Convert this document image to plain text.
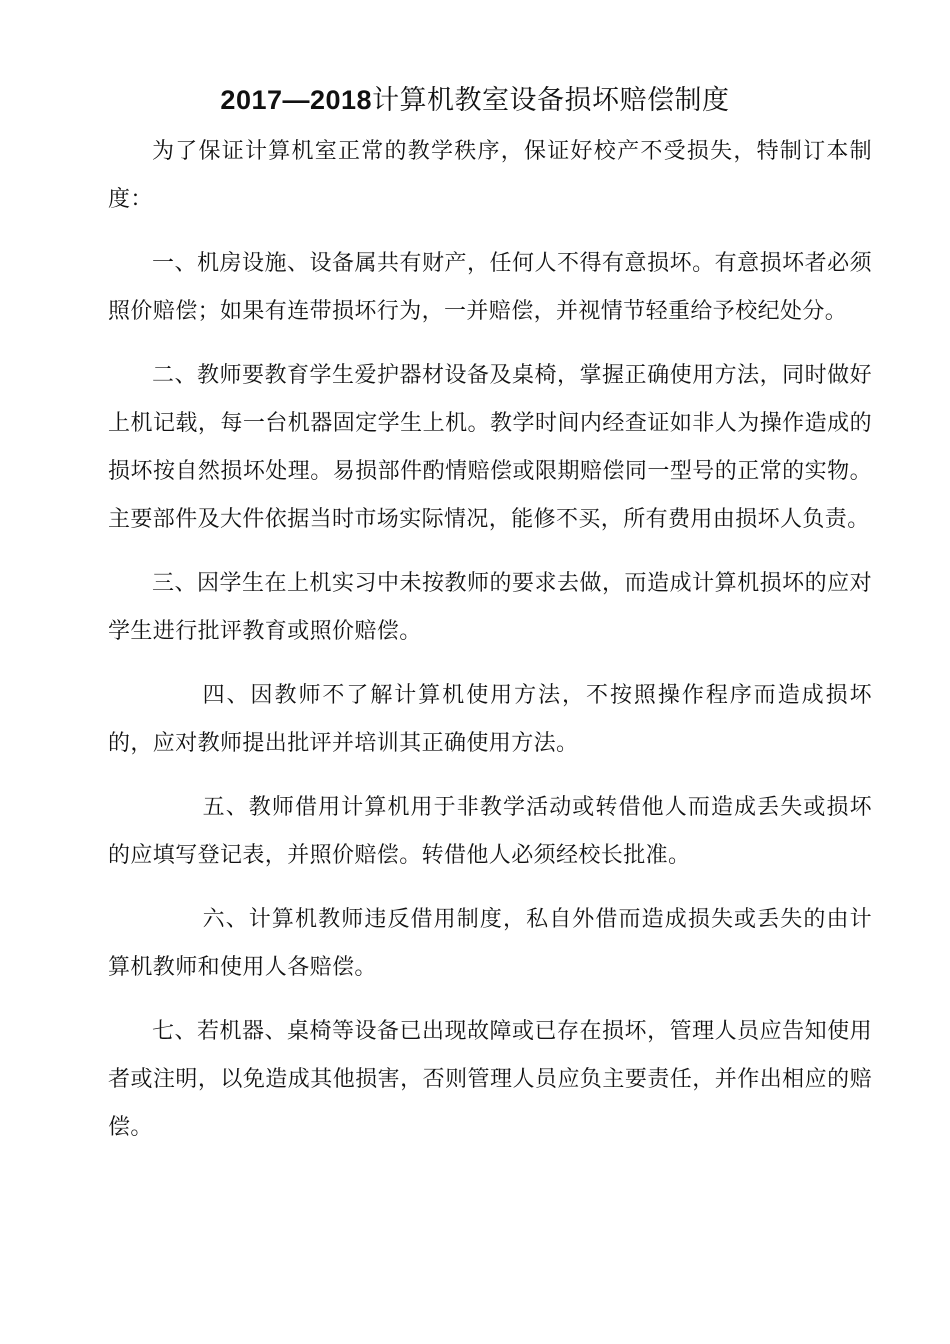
2017—2018计算机教室设备损坏赔偿制度

为了保证计算机室正常的教学秩序，保证好校产不受损失，特制订本制度：

一、机房设施、设备属共有财产，任何人不得有意损坏。有意损坏者必须照价赔偿；如果有连带损坏行为，一并赔偿，并视情节轻重给予校纪处分。

二、教师要教育学生爱护器材设备及桌椅，掌握正确使用方法，同时做好上机记载，每一台机器固定学生上机。教学时间内经查证如非人为操作造成的损坏按自然损坏处理。易损部件酌情赔偿或限期赔偿同一型号的正常的实物。主要部件及大件依据当时市场实际情况，能修不买，所有费用由损坏人负责。

三、因学生在上机实习中未按教师的要求去做，而造成计算机损坏的应对学生进行批评教育或照价赔偿。

四、因教师不了解计算机使用方法，不按照操作程序而造成损坏的，应对教师提出批评并培训其正确使用方法。

五、教师借用计算机用于非教学活动或转借他人而造成丢失或损坏的应填写登记表，并照价赔偿。转借他人必须经校长批准。

六、计算机教师违反借用制度，私自外借而造成损失或丢失的由计算机教师和使用人各赔偿。

七、若机器、桌椅等设备已出现故障或已存在损坏，管理人员应告知使用者或注明，以免造成其他损害，否则管理人员应负主要责任，并作出相应的赔偿。
